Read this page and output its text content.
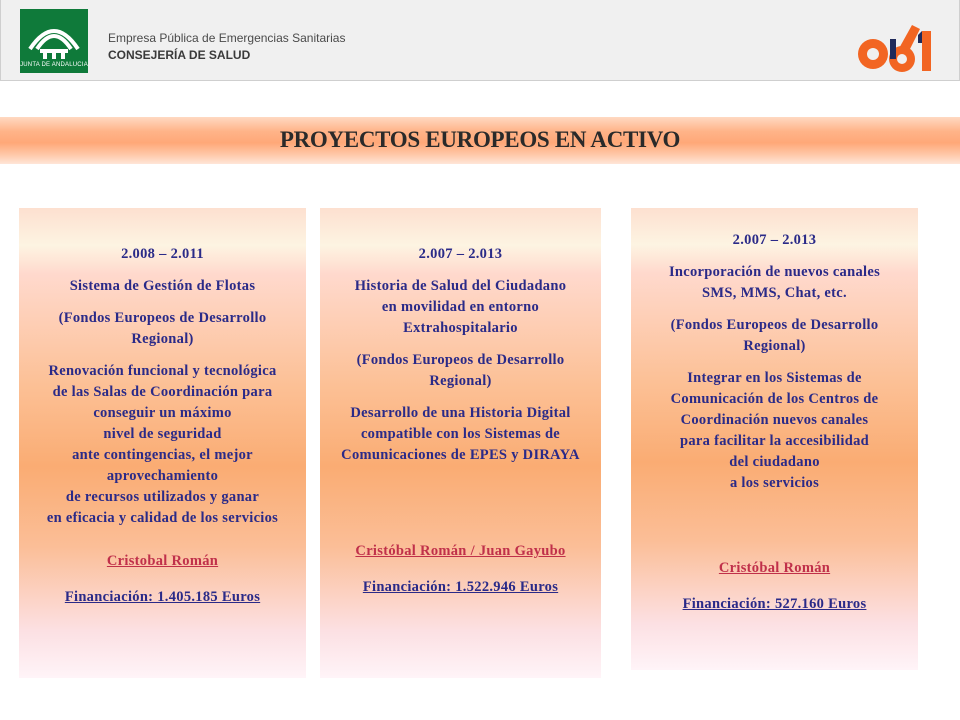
JUNTA DE ANDALUCIA
Empresa Pública de Emergencias Sanitarias
CONSEJERÍA DE SALUD
PROYECTOS EUROPEOS EN ACTIVO

2.008 – 2.011

Sistema de Gestión de Flotas

(Fondos Europeos de Desarrollo

Regional)

Renovación funcional y tecnológica

de las Salas de Coordinación para

conseguir un máximo

nivel de seguridad

ante contingencias, el mejor

aprovechamiento

de recursos utilizados y ganar

en eficacia y calidad de los servicios

Cristobal Román

Financiación: 1.405.185 Euros

2.007 – 2.013

Historia de Salud del Ciudadano

en movilidad en entorno

Extrahospitalario

(Fondos Europeos de Desarrollo

Regional)

Desarrollo de una Historia Digital

compatible con los Sistemas de

Comunicaciones de EPES y DIRAYA

Cristóbal Román / Juan Gayubo

Financiación: 1.522.946 Euros

2.007 – 2.013

Incorporación de nuevos canales

SMS, MMS, Chat, etc.

(Fondos Europeos de Desarrollo

Regional)

Integrar en los Sistemas de

Comunicación de los Centros de

Coordinación nuevos canales

para facilitar la accesibilidad

del ciudadano

a los servicios

Cristóbal Román

Financiación: 527.160 Euros
